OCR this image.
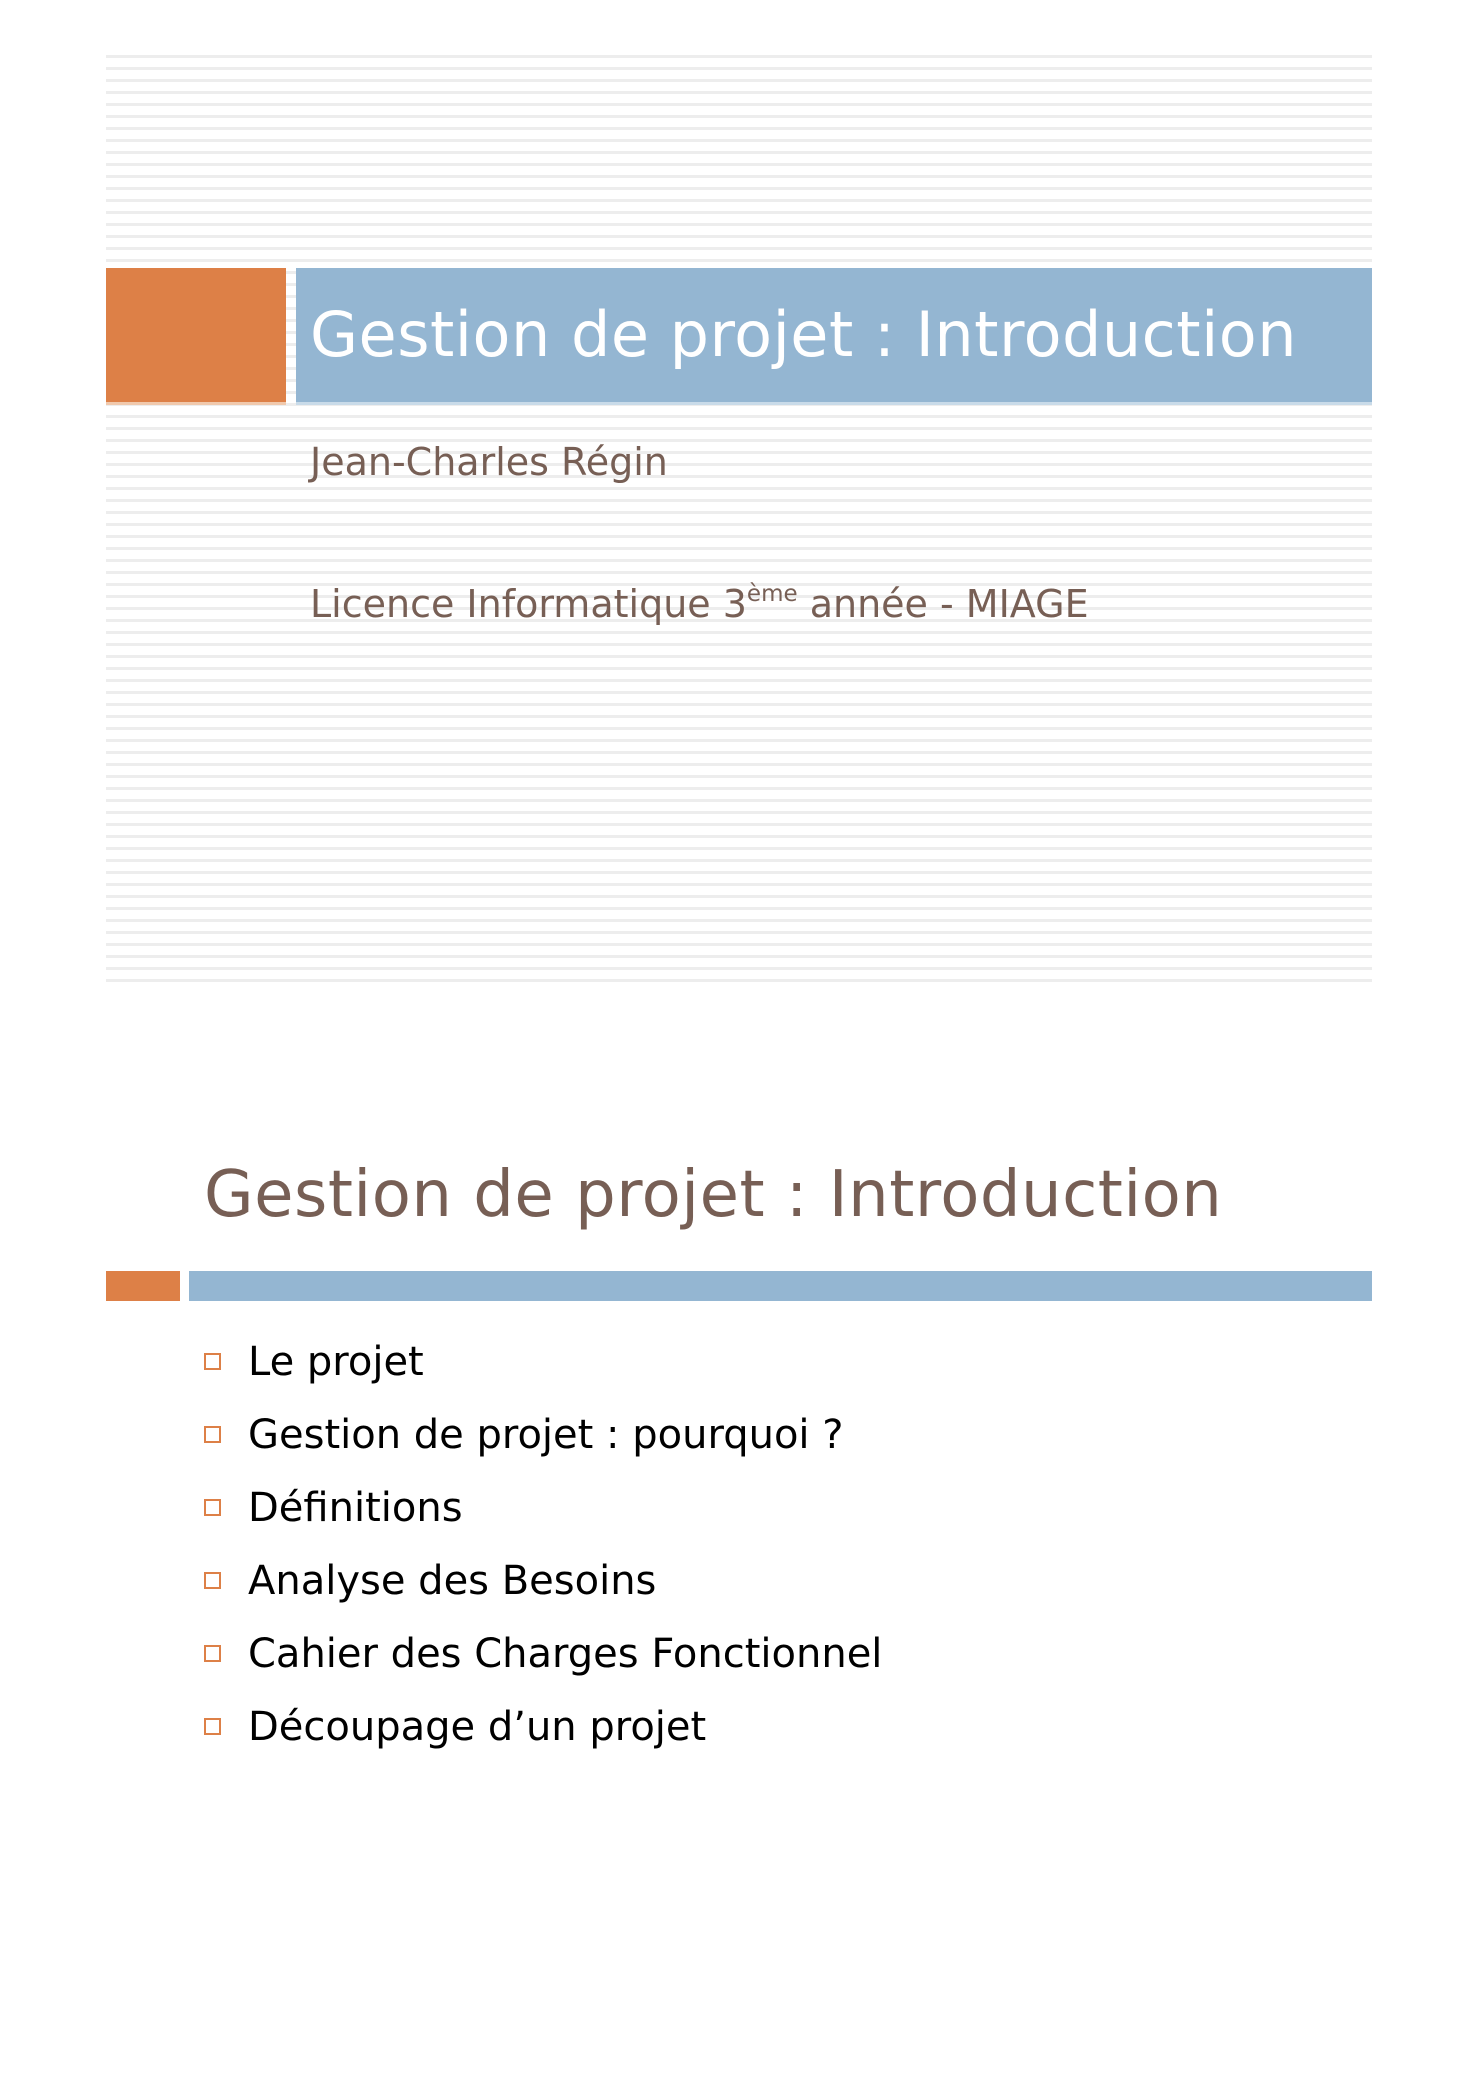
Gestion de projet : Introduction
Jean-Charles Régin
Licence Informatique 3ème année - MIAGE
Gestion de projet : Introduction
Le projet
Gestion de projet : pourquoi ?
Définitions
Analyse des Besoins
Cahier des Charges Fonctionnel
Découpage d’un projet
